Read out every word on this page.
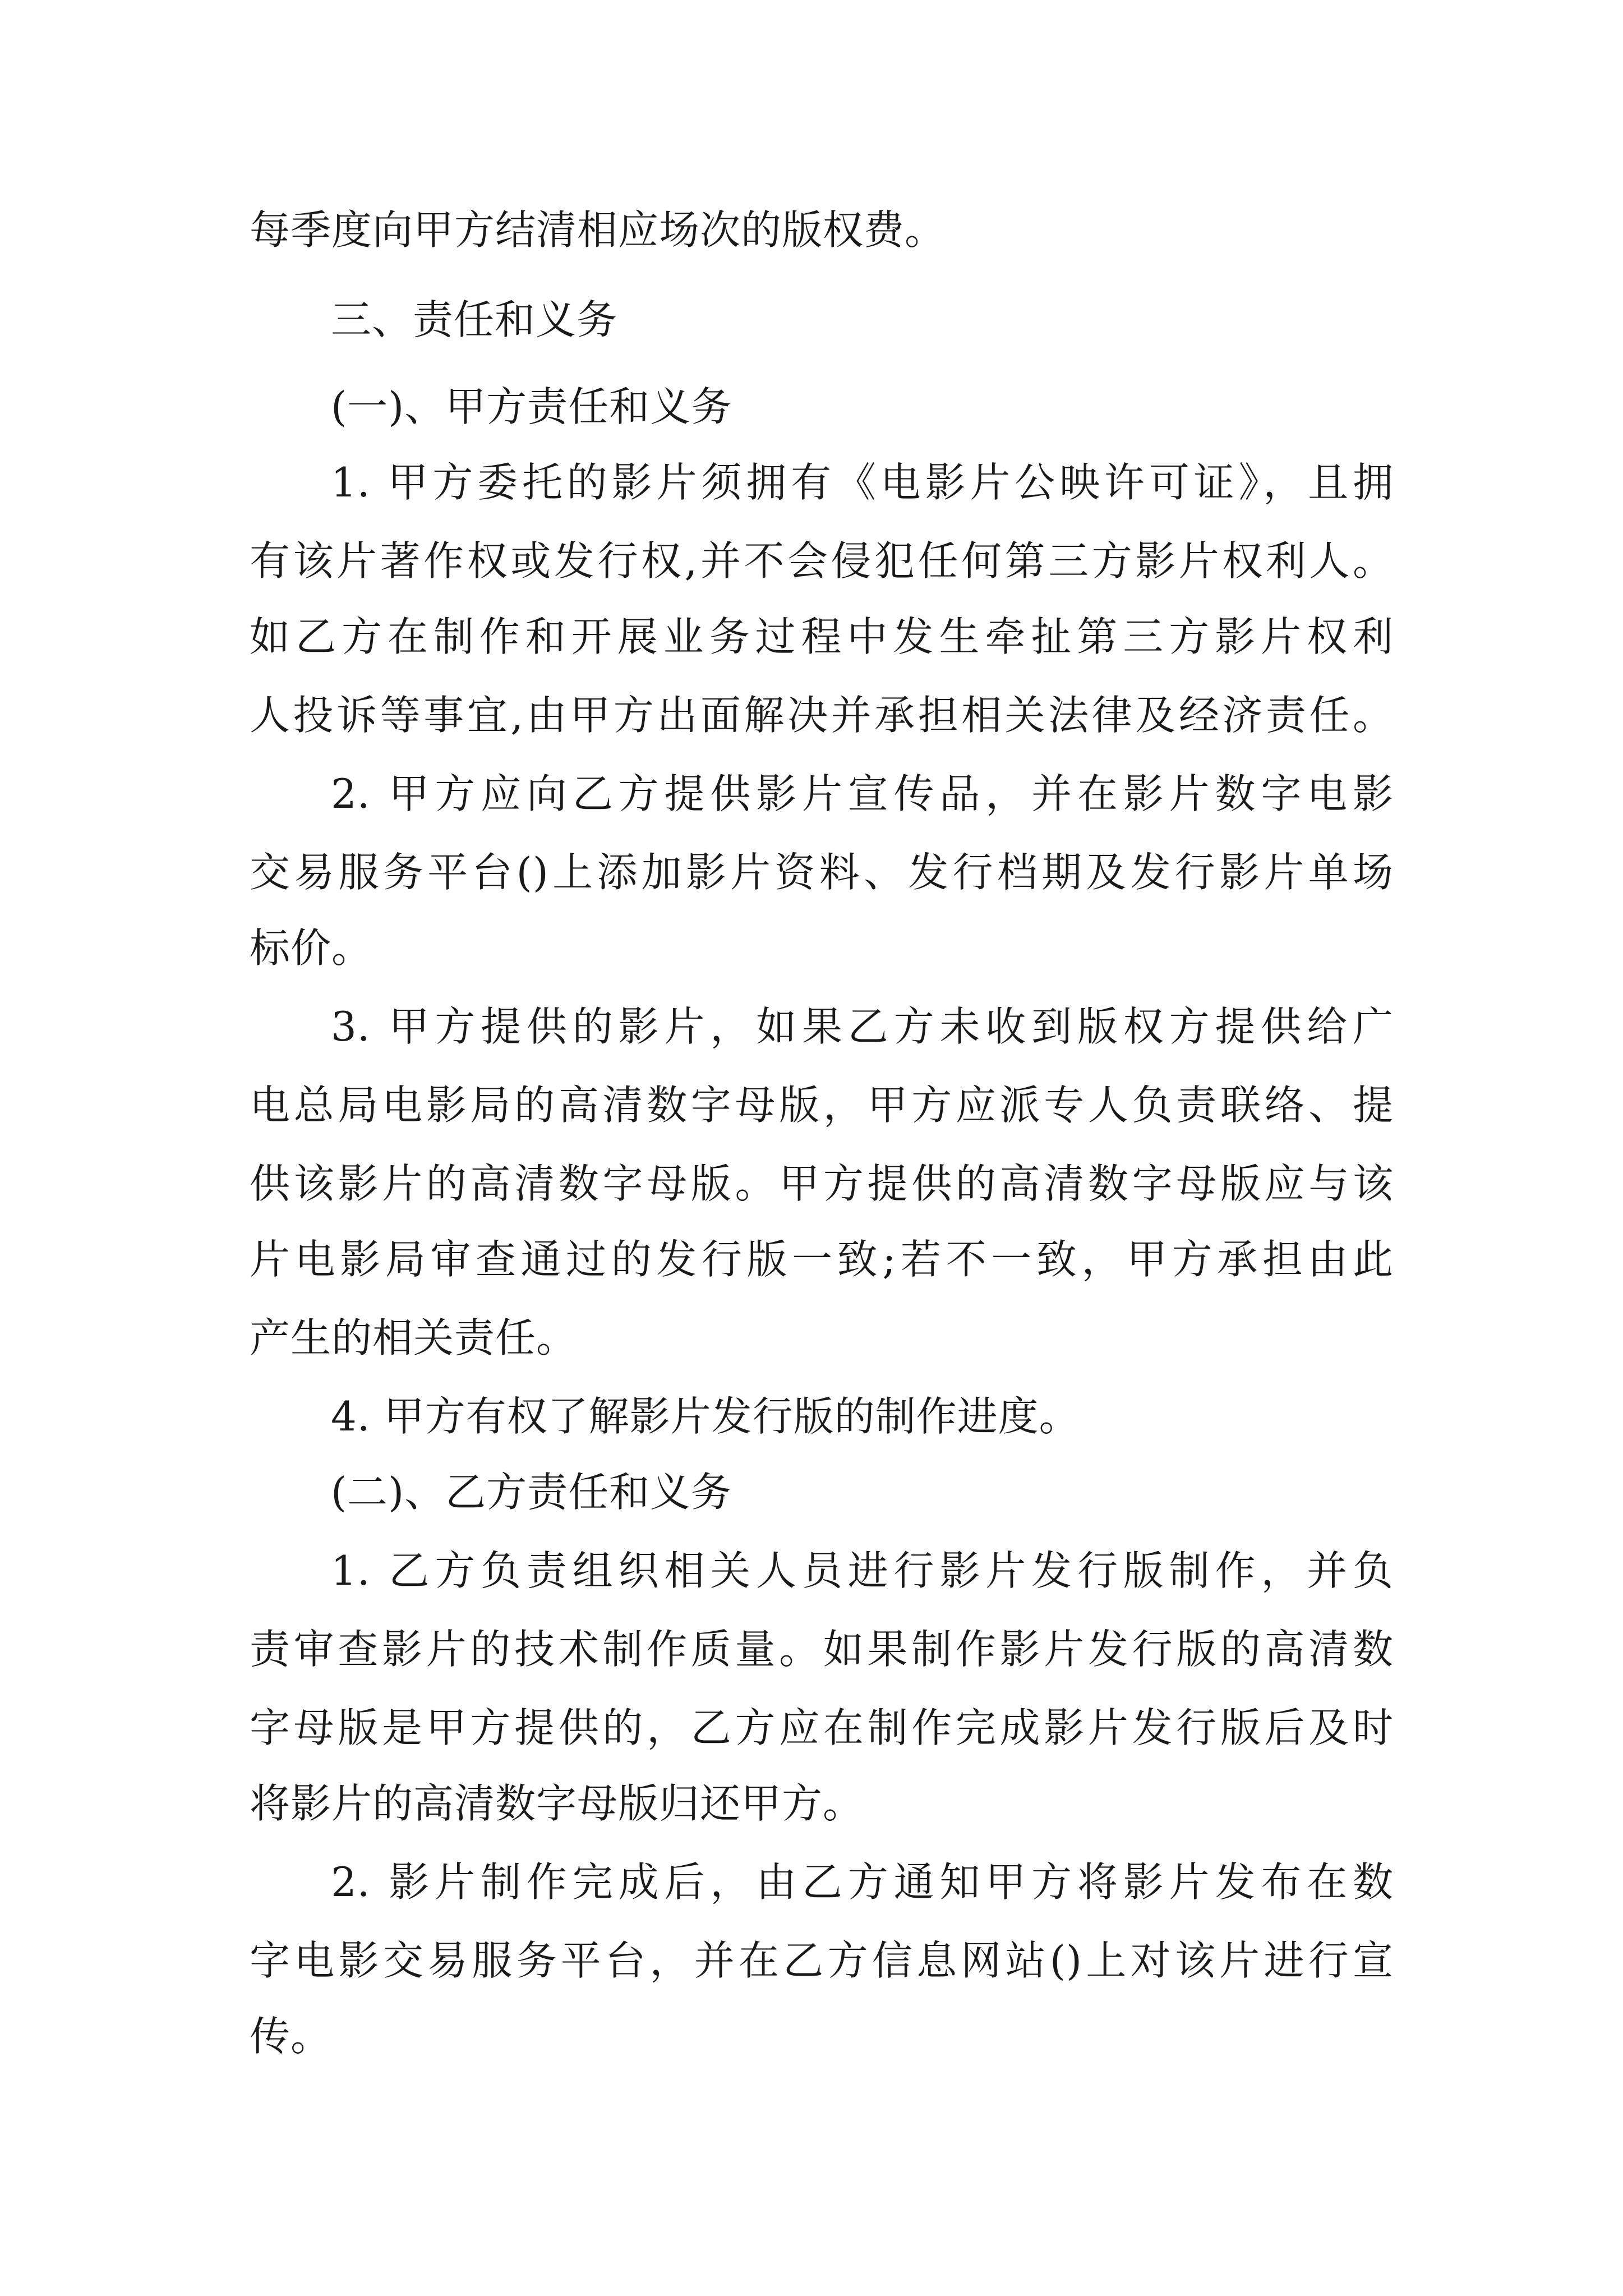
每季度向甲方结清相应场次的版权费。
三、责任和义务
(一)、甲方责任和义务
1. 甲方委托的影片须拥有《电影片公映许可证》，且拥
有该片著作权或发行权,并不会侵犯任何第三方影片权利人。
如乙方在制作和开展业务过程中发生牵扯第三方影片权利
人投诉等事宜,由甲方出面解决并承担相关法律及经济责任。
2. 甲方应向乙方提供影片宣传品，并在影片数字电影
交易服务平台()上添加影片资料、发行档期及发行影片单场
标价。
3. 甲方提供的影片，如果乙方未收到版权方提供给广
电总局电影局的高清数字母版，甲方应派专人负责联络、提
供该影片的高清数字母版。甲方提供的高清数字母版应与该
片电影局审查通过的发行版一致;若不一致，甲方承担由此
产生的相关责任。
4. 甲方有权了解影片发行版的制作进度。
(二)、乙方责任和义务
1. 乙方负责组织相关人员进行影片发行版制作，并负
责审查影片的技术制作质量。如果制作影片发行版的高清数
字母版是甲方提供的，乙方应在制作完成影片发行版后及时
将影片的高清数字母版归还甲方。
2. 影片制作完成后，由乙方通知甲方将影片发布在数
字电影交易服务平台，并在乙方信息网站()上对该片进行宣
传。
